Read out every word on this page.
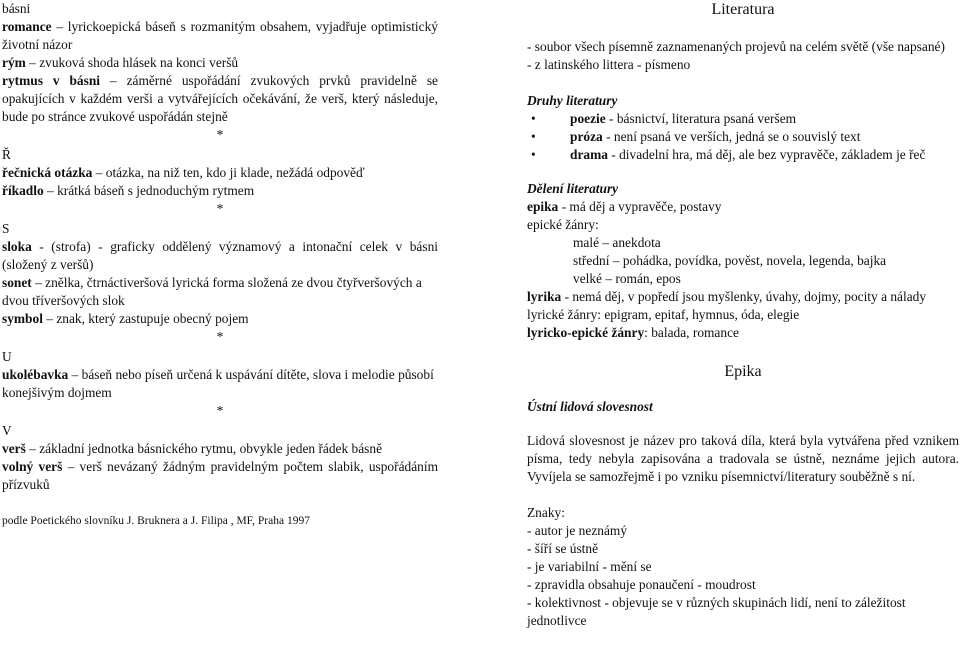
básni

romance – lyrickoepická báseň s rozmanitým obsahem, vyjadřuje optimistický životní názor

rým – zvuková shoda hlásek na konci veršů

rytmus v básni – záměrné uspořádání zvukových prvků pravidelně se opakujících v každém verši a vytvářejících očekávání, že verš, který následuje, bude po stránce zvukové uspořádán stejně

*

Ř

řečnická otázka – otázka, na niž ten, kdo ji klade, nežádá odpověď

říkadlo – krátká báseň s jednoduchým rytmem

*

S

sloka - (strofa) - graficky oddělený významový a intonační celek v básni (složený z veršů)

sonet – znělka, čtrnáctiveršová lyrická forma složená ze dvou čtyřveršových a dvou tříveršových slok

symbol – znak, který zastupuje obecný pojem

*

U

ukolébavka – báseň nebo píseň určená k uspávání dítěte, slova i melodie působí konejšivým dojmem

*

V

verš – základní jednotka básnického rytmu, obvykle jeden řádek básně

volný verš – verš nevázaný žádným pravidelným počtem slabik, uspořádáním přízvuků

podle Poetického slovníku J. Bruknera a J. Filipa , MF, Praha 1997

Literatura

- soubor všech písemně zaznamenaných projevů na celém světě (vše napsané)

- z latinského littera - písmeno

Druhy literatury

• poezie - básnictví, literatura psaná veršem
• próza - není psaná ve verších, jedná se o souvislý text
• drama - divadelní hra, má děj, ale bez vypravěče, základem je řeč

Dělení literatury

epika - má děj a vypravěče, postavy

epické žánry:

malé – anekdota

střední – pohádka, povídka, pověst, novela, legenda, bajka

velké – román, epos

lyrika - nemá děj, v popředí jsou myšlenky, úvahy, dojmy, pocity a nálady

lyrické žánry: epigram, epitaf, hymnus, óda, elegie

lyricko-epické žánry: balada, romance

Epika

Ústní lidová slovesnost

Lidová slovesnost je název pro taková díla, která byla vytvářena před vznikem písma, tedy nebyla zapisována a tradovala se ústně, neznáme jejich autora. Vyvíjela se samozřejmě i po vzniku písemnictví/literatury souběžně s ní.

Znaky:

- autor je neznámý

- šíří se ústně

- je variabilní - mění se

- zpravidla obsahuje ponaučení - moudrost

- kolektivnost - objevuje se v různých skupinách lidí, není to záležitost jednotlivce
